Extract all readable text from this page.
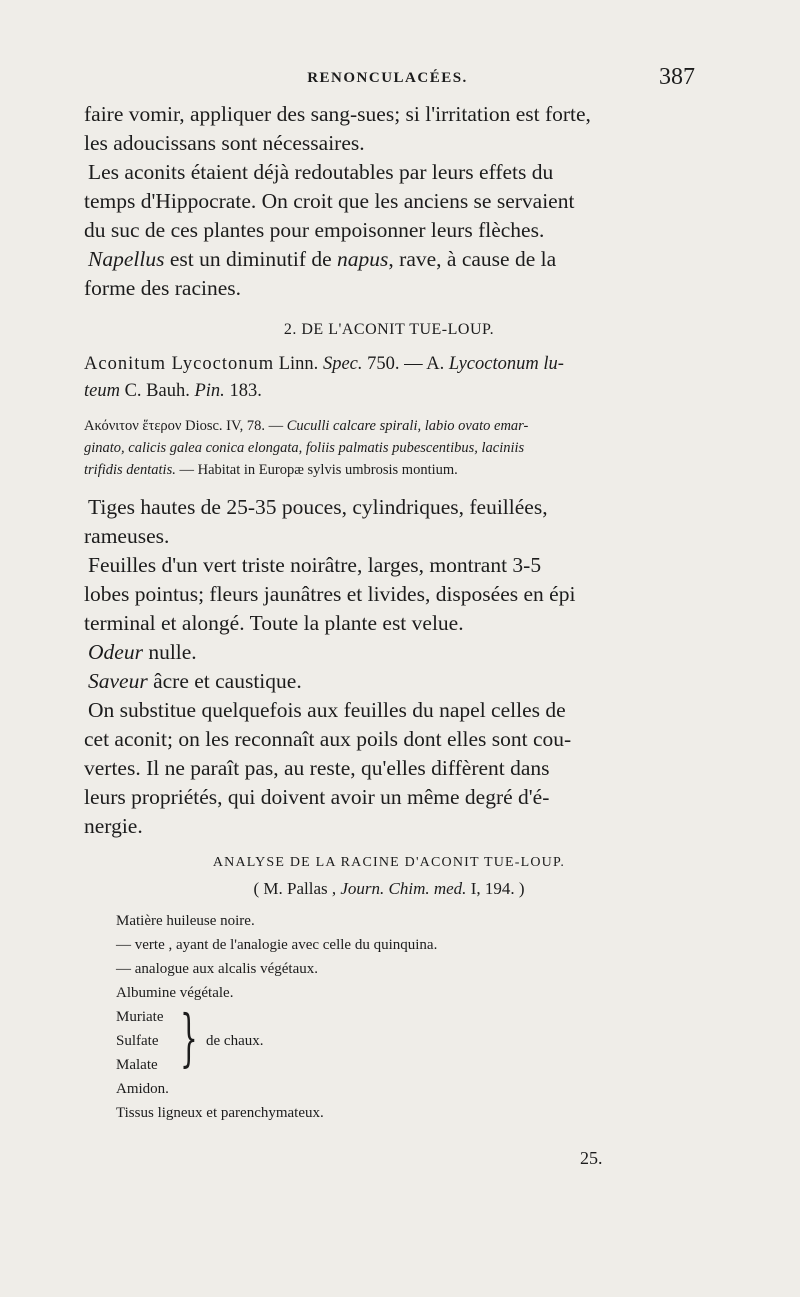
RENONCULACÉES.	387

faire vomir, appliquer des sang-sues; si l'irritation est forte,
les adoucissans sont nécessaires.

Les aconits étaient déjà redoutables par leurs effets du
temps d'Hippocrate. On croit que les anciens se servaient
du suc de ces plantes pour empoisonner leurs flèches.

Napellus est un diminutif de napus, rave, à cause de la
forme des racines.

2. DE L'ACONIT TUE-LOUP.

Aconitum Lycoctonum Linn. Spec. 750. — A. Lycoctonum lu-
teum C. Bauh. Pin. 183.

Ακόνιτον ἕτερον Diosc. IV, 78. — Cuculli calcare spirali, labio ovato emar-
ginato, calicis galea conica elongata, foliis palmatis pubescentibus, laciniis
trifidis dentatis. — Habitat in Europæ sylvis umbrosis montium.

Tiges hautes de 25-35 pouces, cylindriques, feuillées,
rameuses.

Feuilles d'un vert triste noirâtre, larges, montrant 3-5
lobes pointus; fleurs jaunâtres et livides, disposées en épi
terminal et alongé. Toute la plante est velue.

Odeur nulle.

Saveur âcre et caustique.

On substitue quelquefois aux feuilles du napel celles de
cet aconit; on les reconnaît aux poils dont elles sont cou-
vertes. Il ne paraît pas, au reste, qu'elles diffèrent dans
leurs propriétés, qui doivent avoir un même degré d'é-
nergie.

ANALYSE DE LA RACINE D'ACONIT TUE-LOUP.
( M. Pallas , Journ. Chim. med. I, 194. )
Matière huileuse noire.
— verte , ayant de l'analogie avec celle du quinquina.
— analogue aux alcalis végétaux.
Albumine végétale.
Muriate
Sulfate
Malate } de chaux.
Amidon.
Tissus ligneux et parenchymateux.
25.
